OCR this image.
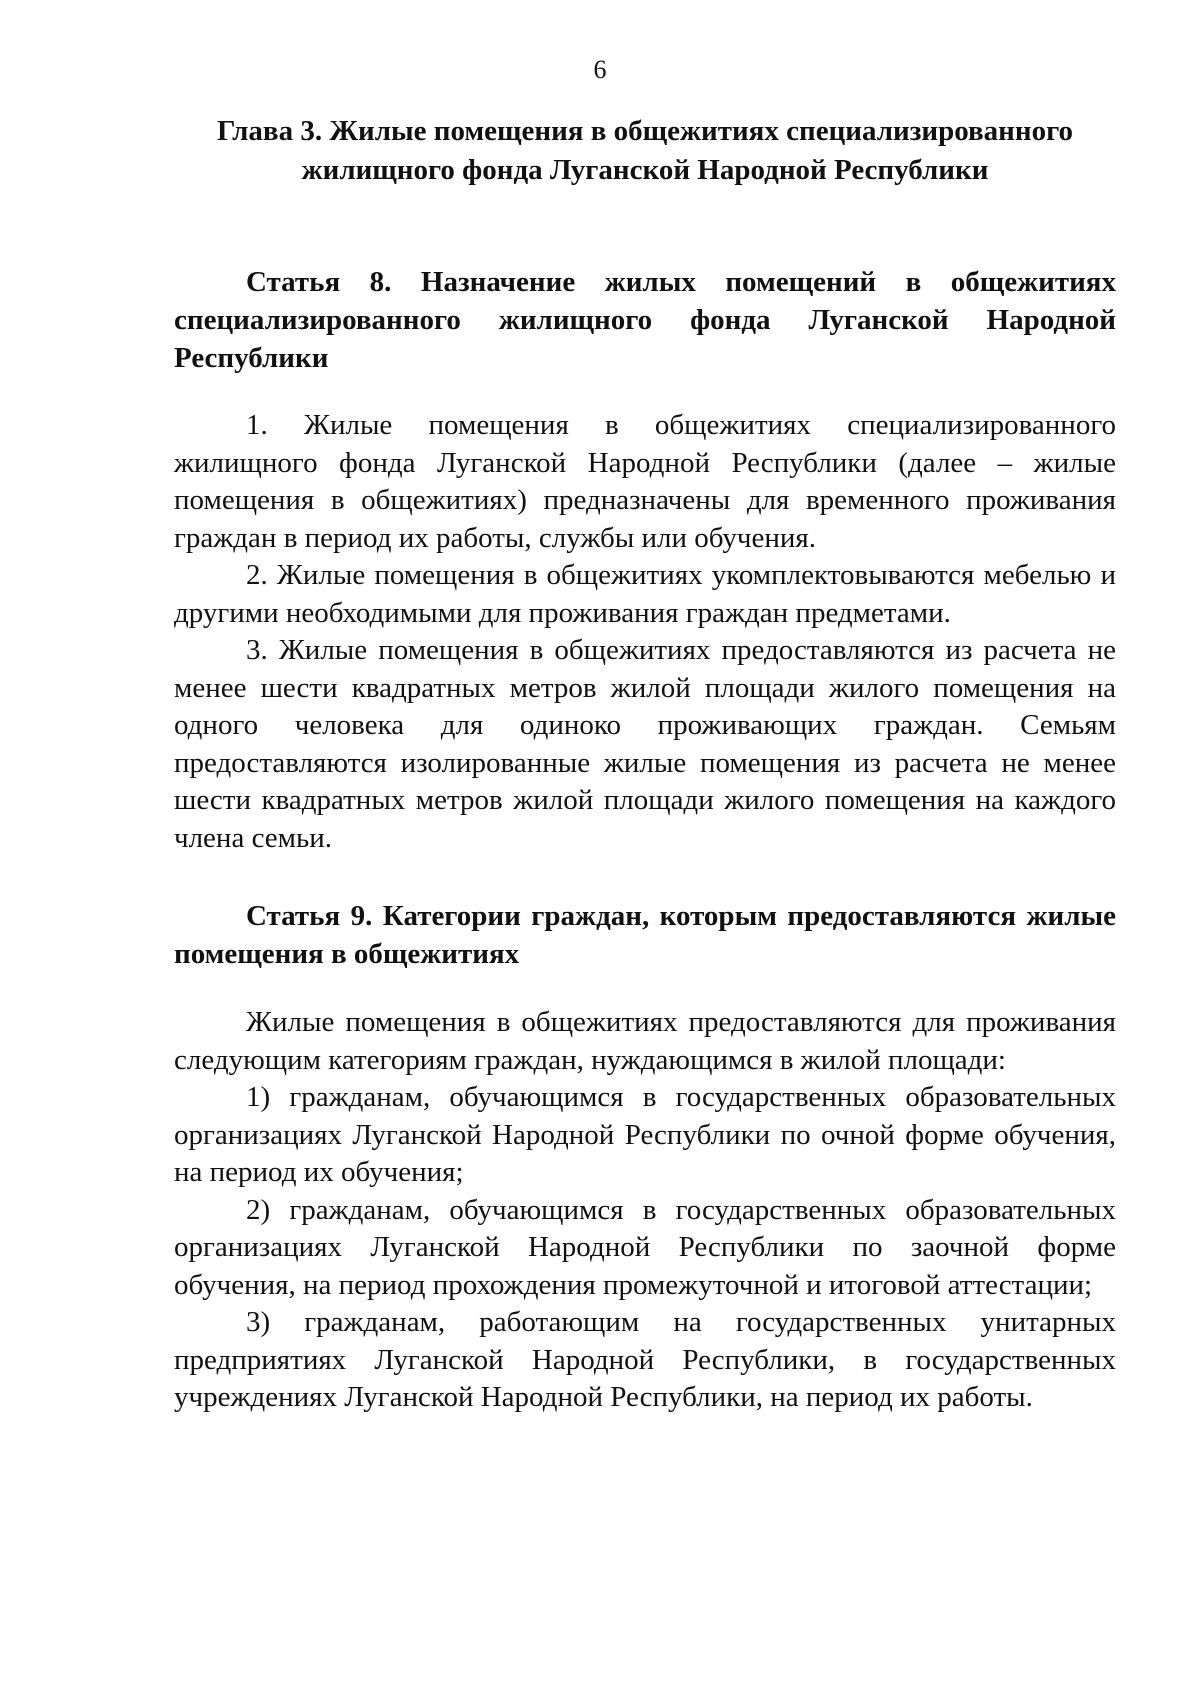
6
Глава 3. Жилые помещения в общежитиях специализированного
жилищного фонда Луганской Народной Республики

Статья 8. Назначение жилых помещений в общежитиях специализированного жилищного фонда Луганской Народной Республики

1. Жилые помещения в общежитиях специализированного жилищного фонда Луганской Народной Республики (далее – жилые помещения в общежитиях) предназначены для временного проживания граждан в период их работы, службы или обучения.

2. Жилые помещения в общежитиях укомплектовываются мебелью и другими необходимыми для проживания граждан предметами.

3. Жилые помещения в общежитиях предоставляются из расчета не менее шести квадратных метров жилой площади жилого помещения на одного человека для одиноко проживающих граждан. Семьям предоставляются изолированные жилые помещения из расчета не менее шести квадратных метров жилой площади жилого помещения на каждого члена семьи.

Статья 9. Категории граждан, которым предоставляются жилые помещения в общежитиях

Жилые помещения в общежитиях предоставляются для проживания следующим категориям граждан, нуждающимся в жилой площади:

1) гражданам, обучающимся в государственных образовательных организациях Луганской Народной Республики по очной форме обучения, на период их обучения;

2) гражданам, обучающимся в государственных образовательных организациях Луганской Народной Республики по заочной форме обучения, на период прохождения промежуточной и итоговой аттестации;

3) гражданам, работающим на государственных унитарных предприятиях Луганской Народной Республики, в государственных учреждениях Луганской Народной Республики, на период их работы.
